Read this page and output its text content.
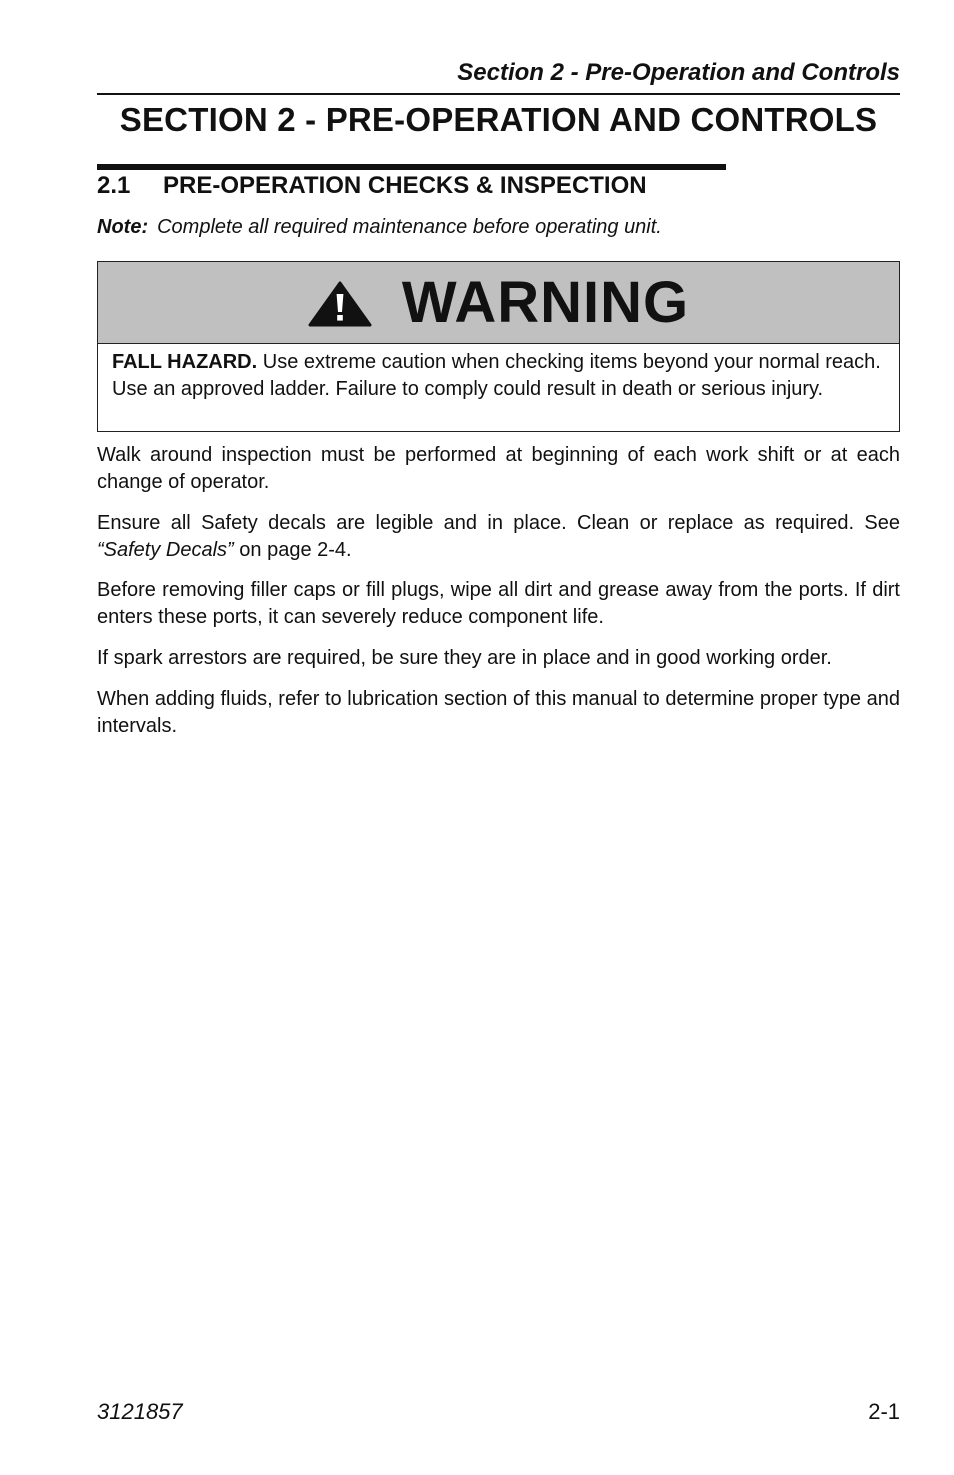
Section 2 - Pre-Operation and Controls
SECTION 2 - PRE-OPERATION AND CONTROLS
2.1 PRE-OPERATION CHECKS & INSPECTION
Note: Complete all required maintenance before operating unit.
WARNING
FALL HAZARD. Use extreme caution when checking items beyond your normal reach. Use an approved ladder. Failure to comply could result in death or serious injury.
Walk around inspection must be performed at beginning of each work shift or at each change of operator.
Ensure all Safety decals are legible and in place. Clean or replace as required. See “Safety Decals” on page 2-4.
Before removing filler caps or fill plugs, wipe all dirt and grease away from the ports. If dirt enters these ports, it can severely reduce component life.
If spark arrestors are required, be sure they are in place and in good working order.
When adding fluids, refer to lubrication section of this manual to determine proper type and intervals.
3121857	2-1
